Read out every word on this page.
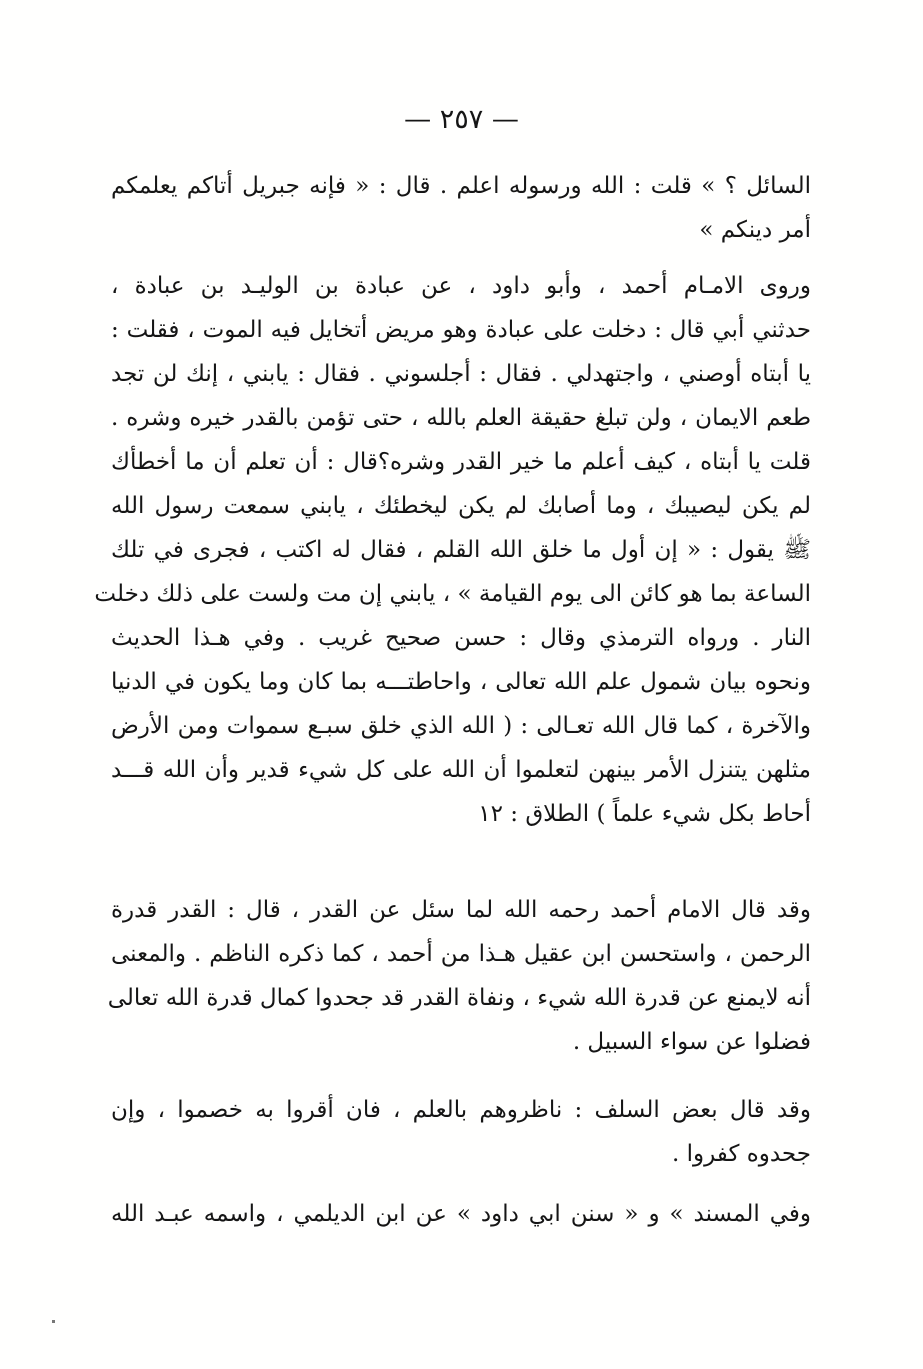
— ٢٥٧ —
السائل ؟ » قلت : الله ورسوله اعلم . قال : « فإنه جبريل أتاكم يعلمكم
أمر دينكم »
وروى الامـام أحمد ، وأبو داود ، عن عبادة بن الوليـد بن عبادة ،
حدثني أبي قال : دخلت على عبادة وهو مريض أتخايل فيه الموت ، فقلت :
يا أبتاه أوصني ، واجتهدلي . فقال : أجلسوني . فقال : يابني ، إنك لن تجد
طعم الايمان ، ولن تبلغ حقيقة العلم بالله ، حتى تؤمن بالقدر خيره وشره .
قلت يا أبتاه ، كيف أعلم ما خير القدر وشره؟قال : أن تعلم أن ما أخطأك
لم يكن ليصيبك ، وما أصابك لم يكن ليخطئك ، يابني سمعت رسول الله
ﷺ يقول : « إن أول ما خلق الله القلم ، فقال له اكتب ، فجرى في تلك
الساعة بما هو كائن الى يوم القيامة » ، يابني إن مت ولست على ذلك دخلت
النار . ورواه الترمذي وقال : حسن صحيح غريب . وفي هـذا الحديث
ونحوه بيان شمول علم الله تعالى ، واحاطتـــه بما كان وما يكون في الدنيا
والآخرة ، كما قال الله تعـالى : ( الله الذي خلق سبـع سموات ومن الأرض
مثلهن يتنزل الأمر بينهن لتعلموا أن الله على كل شيء قدير وأن الله قـــد
أحاط بكل شيء علماً ) الطلاق : ١٢
وقد قال الامام أحمد رحمه الله لما سئل عن القدر ، قال : القدر قدرة
الرحمن ، واستحسن ابن عقيل هـذا من أحمد ، كما ذكره الناظم . والمعنى
أنه لايمنع عن قدرة الله شيء ، ونفاة القدر قد جحدوا كمال قدرة الله تعالى
فضلوا عن سواء السبيل .
وقد قال بعض السلف : ناظروهم بالعلم ، فان أقروا به خصموا ، وإن
جحدوه كفروا .
وفي المسند » و « سنن ابي داود » عن ابن الديلمي ، واسمه عبـد الله
